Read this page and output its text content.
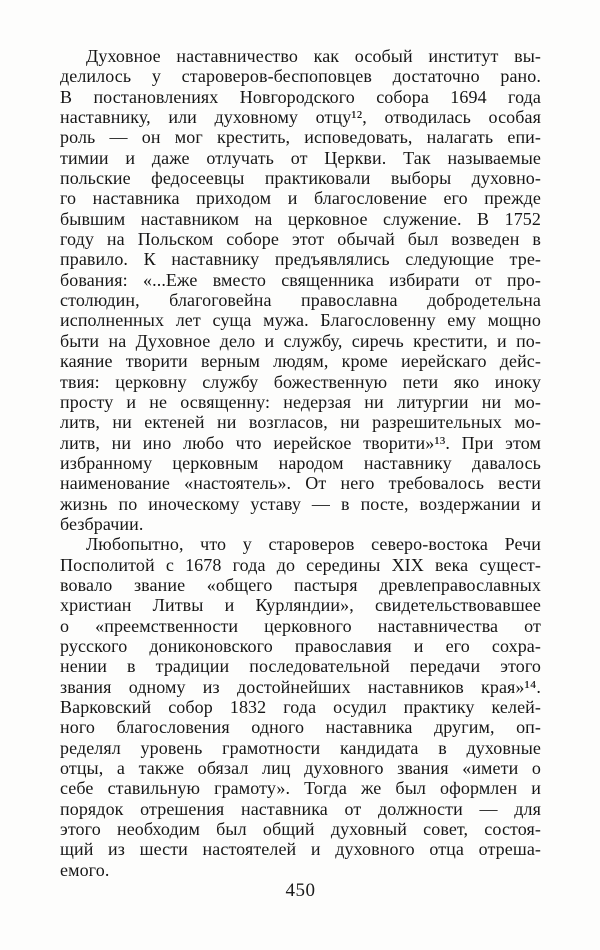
Духовное наставничество как особый институт вы-
делилось у староверов-беспоповцев достаточно рано.
В постановлениях Новгородского собора 1694 года
наставнику, или духовному отцу¹², отводилась особая
роль — он мог крестить, исповедовать, налагать епи-
тимии и даже отлучать от Церкви. Так называемые
польские федосеевцы практиковали выборы духовно-
го наставника приходом и благословение его прежде
бывшим наставником на церковное служение. В 1752
году на Польском соборе этот обычай был возведен в
правило. К наставнику предъявлялись следующие тре-
бования: «...Еже вместо священника избирати от про-
столюдин, благоговейна православна добродетельна
исполненных лет суща мужа. Благословенну ему мощно
быти на Духовное дело и службу, сиречь крестити, и по-
каяние творити верным людям, кроме иерейскаго дейс-
твия: церковну службу божественную пети яко иноку
просту и не освященну: недерзая ни литургии ни мо-
литв, ни ектеней ни возгласов, ни разрешительных мо-
литв, ни ино любо что иерейское творити»¹³. При этом
избранному церковным народом наставнику давалось
наименование «настоятель». От него требовалось вести
жизнь по иноческому уставу — в посте, воздержании и
безбрачии.
Любопытно, что у староверов северо-востока Речи
Посполитой с 1678 года до середины XIX века сущест-
вовало звание «общего пастыря древлеправославных
христиан Литвы и Курляндии», свидетельствовавшее
о «преемственности церковного наставничества от
русского дониконовского православия и его сохра-
нении в традиции последовательной передачи этого
звания одному из достойнейших наставников края»¹⁴.
Варковский собор 1832 года осудил практику келей-
ного благословения одного наставника другим, оп-
ределял уровень грамотности кандидата в духовные
отцы, а также обязал лиц духовного звания «имети о
себе ставильную грамоту». Тогда же был оформлен и
порядок отрешения наставника от должности — для
этого необходим был общий духовный совет, состоя-
щий из шести настоятелей и духовного отца отреша-
емого.
450
